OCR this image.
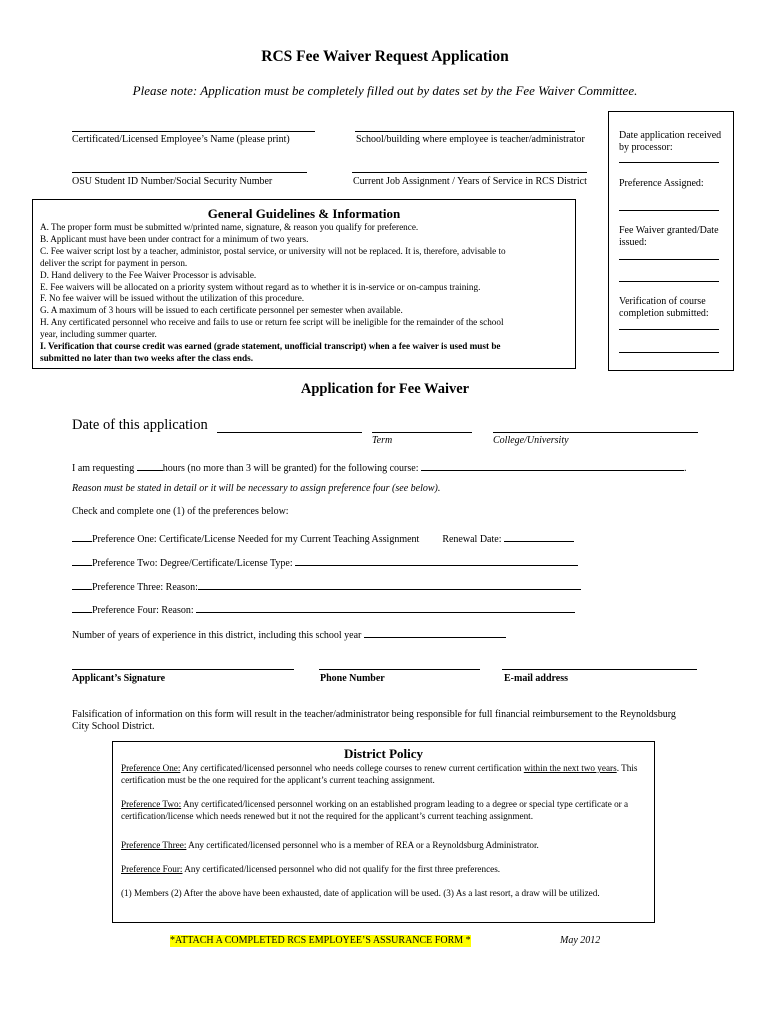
RCS Fee Waiver Request Application
Please note: Application must be completely filled out by dates set by the Fee Waiver Committee.
Certificated/Licensed Employee’s Name (please print)	School/building where employee is teacher/administrator
OSU Student ID Number/Social Security Number	Current Job Assignment / Years of Service in RCS District
Date application received by processor:
Preference Assigned:
Fee Waiver granted/Date issued:
Verification of course completion submitted:
General Guidelines & Information
A. The proper form must be submitted w/printed name, signature, & reason you qualify for preference.
B. Applicant must have been under contract for a minimum of two years.
C. Fee waiver script lost by a teacher, administor, postal service, or university will not be replaced. It is, therefore, advisable to
deliver the script for payment in person.
D. Hand delivery to the Fee Waiver Processor is advisable.
E. Fee waivers will be allocated on a priority system without regard as to whether it is in-service or on-campus training.
F. No fee waiver will be issued without the utilization of this procedure.
G. A maximum of 3 hours will be issued to each certificate personnel per semester when available.
H. Any certificated personnel who receive and fails to use or return fee script will be ineligible for the remainder of the school
year, including summer quarter.
I. Verification that course credit was earned (grade statement, unofficial transcript) when a fee waiver is used must be
submitted no later than two weeks after the class ends.
Application for Fee Waiver
Date of this application
Term	College/University
I am requesting	hours (no more than 3 will be granted) for the following course:	.
Reason must be stated in detail or it will be necessary to assign preference four (see below).
Check and complete one (1) of the preferences below:
Preference One: Certificate/License Needed for my Current Teaching Assignment Renewal Date:
Preference Two: Degree/Certificate/License Type:
Preference Three: Reason:
Preference Four: Reason:
Number of years of experience in this district, including this school year
Applicant’s Signature	Phone Number	E-mail address
Falsification of information on this form will result in the teacher/administrator being responsible for full financial reimbursement to the Reynoldsburg City School District.
District Policy

Preference One: Any certificated/licensed personnel who needs college courses to renew current certification within the next two years. This certification must be the one required for the applicant’s current teaching assignment.

Preference Two: Any certificated/licensed personnel working on an established program leading to a degree or special type certificate or a certification/license which needs renewed but it not the required for the applicant’s current teaching assignment.

Preference Three: Any certificated/licensed personnel who is a member of REA or a Reynoldsburg Administrator.

Preference Four: Any certificated/licensed personnel who did not qualify for the first three preferences.

(1) Members (2) After the above have been exhausted, date of application will be used. (3) As a last resort, a draw will be utilized.

*ATTACH A COMPLETED RCS EMPLOYEE’S ASSURANCE FORM *	May 2012
